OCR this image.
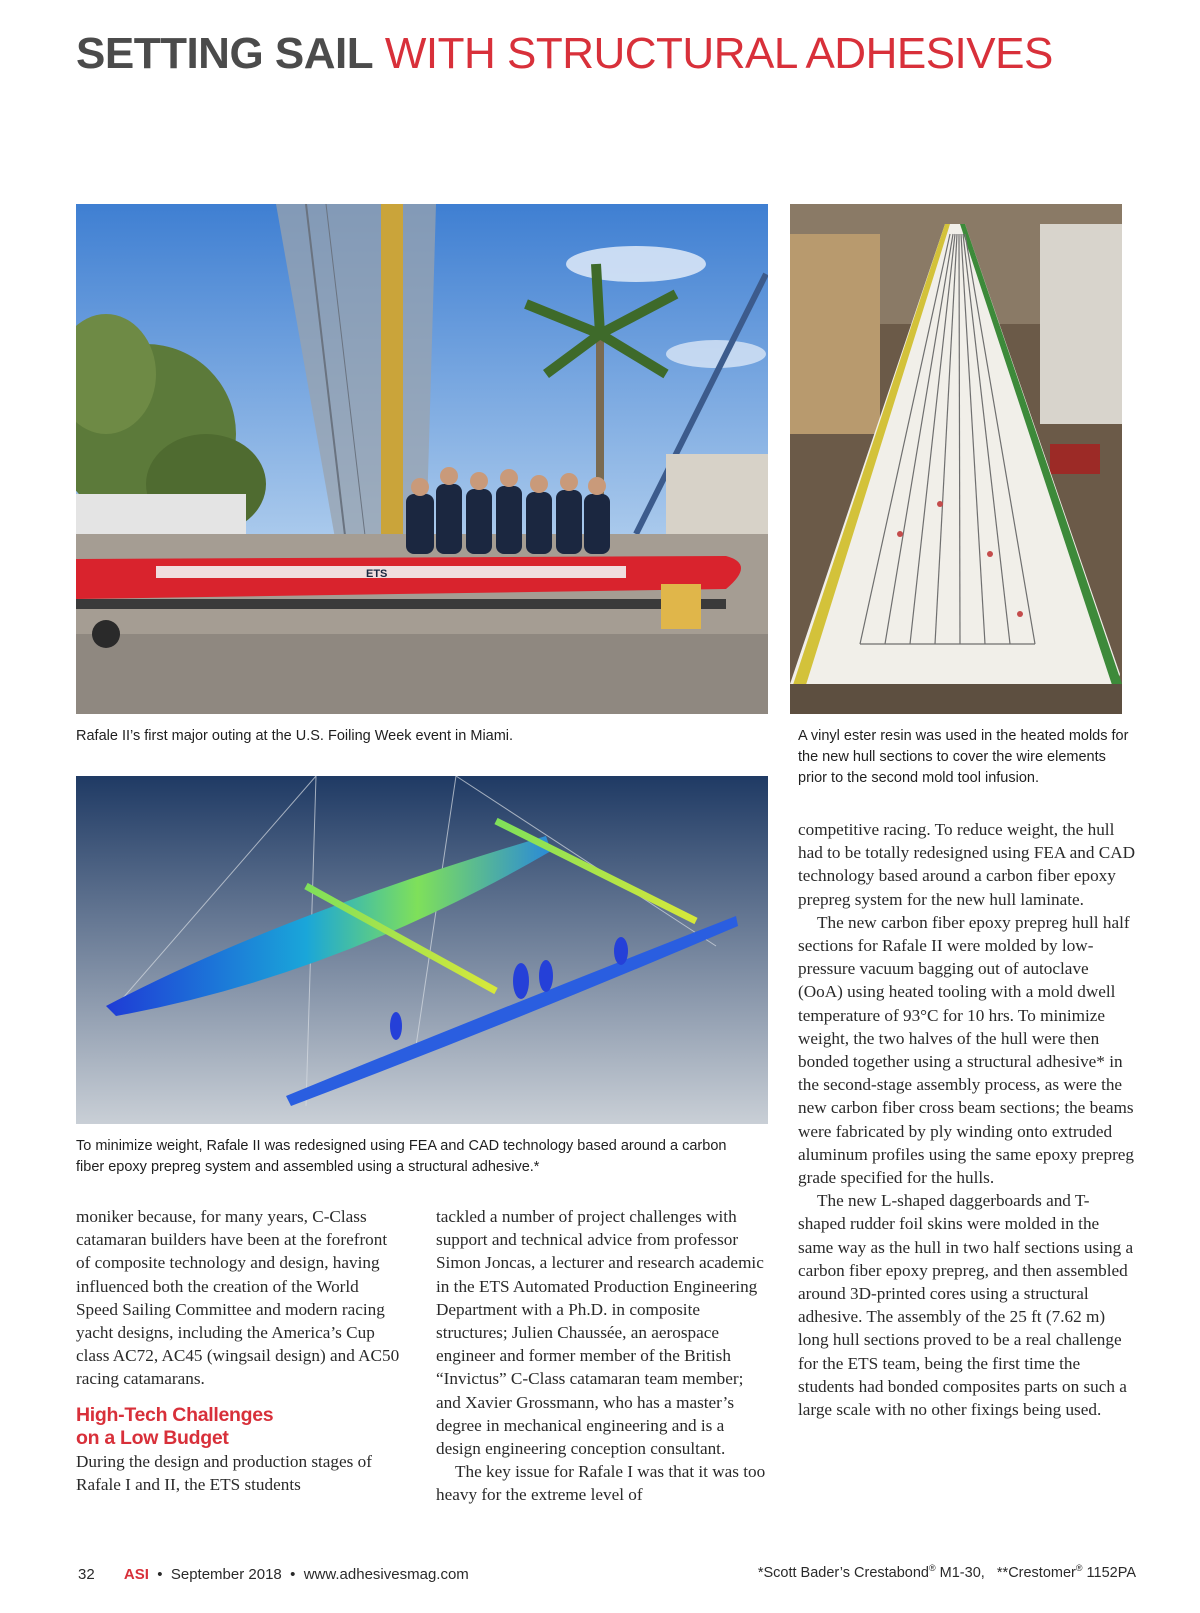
SETTING SAIL WITH STRUCTURAL ADHESIVES
ETS
Rafale II’s first major outing at the U.S. Foiling Week event in Miami.	A vinyl ester resin was used in the heated molds for the new hull sections to cover the wire elements prior to the second mold tool infusion.
To minimize weight, Rafale II was redesigned using FEA and CAD technology based around a carbon fiber epoxy prepreg system and assembled using a structural adhesive.*

moniker because, for many years, C-Class catamaran builders have been at the forefront of composite technology and design, having influenced both the creation of the World Speed Sailing Committee and modern racing yacht designs, including the America’s Cup class AC72, AC45 (wingsail design) and AC50 racing catamarans.

High-Tech Challenges
on a Low Budget

During the design and production stages of Rafale I and II, the ETS students

tackled a number of project challenges with support and technical advice from professor Simon Joncas, a lecturer and research academic in the ETS Automated Production Engineering Department with a Ph.D. in composite structures; Julien Chaussée, an aerospace engineer and former member of the British “Invictus” C-Class catamaran team member; and Xavier Grossmann, who has a master’s degree in mechanical engineering and is a design engineering conception consultant.

The key issue for Rafale I was that it was too heavy for the extreme level of

competitive racing. To reduce weight, the hull had to be totally redesigned using FEA and CAD technology based around a carbon fiber epoxy prepreg system for the new hull laminate.

The new carbon fiber epoxy prepreg hull half sections for Rafale II were molded by low-pressure vacuum bagging out of autoclave (OoA) using heated tooling with a mold dwell temperature of 93°C for 10 hrs. To minimize weight, the two halves of the hull were then bonded together using a structural adhesive* in the second-stage assembly process, as were the new carbon fiber cross beam sections; the beams were fabricated by ply winding onto extruded aluminum profiles using the same epoxy prepreg grade specified for the hulls.

The new L-shaped daggerboards and T-shaped rudder foil skins were molded in the same way as the hull in two half sections using a carbon fiber epoxy prepreg, and then assembled around 3D-printed cores using a structural adhesive. The assembly of the 25 ft (7.62 m) long hull sections proved to be a real challenge for the ETS team, being the first time the students had bonded composites parts on such a large scale with no other fixings being used.

32 ASI • September 2018 • www.adhesivesmag.com	*Scott Bader’s Crestabond® M1-30, **Crestomer® 1152PA
